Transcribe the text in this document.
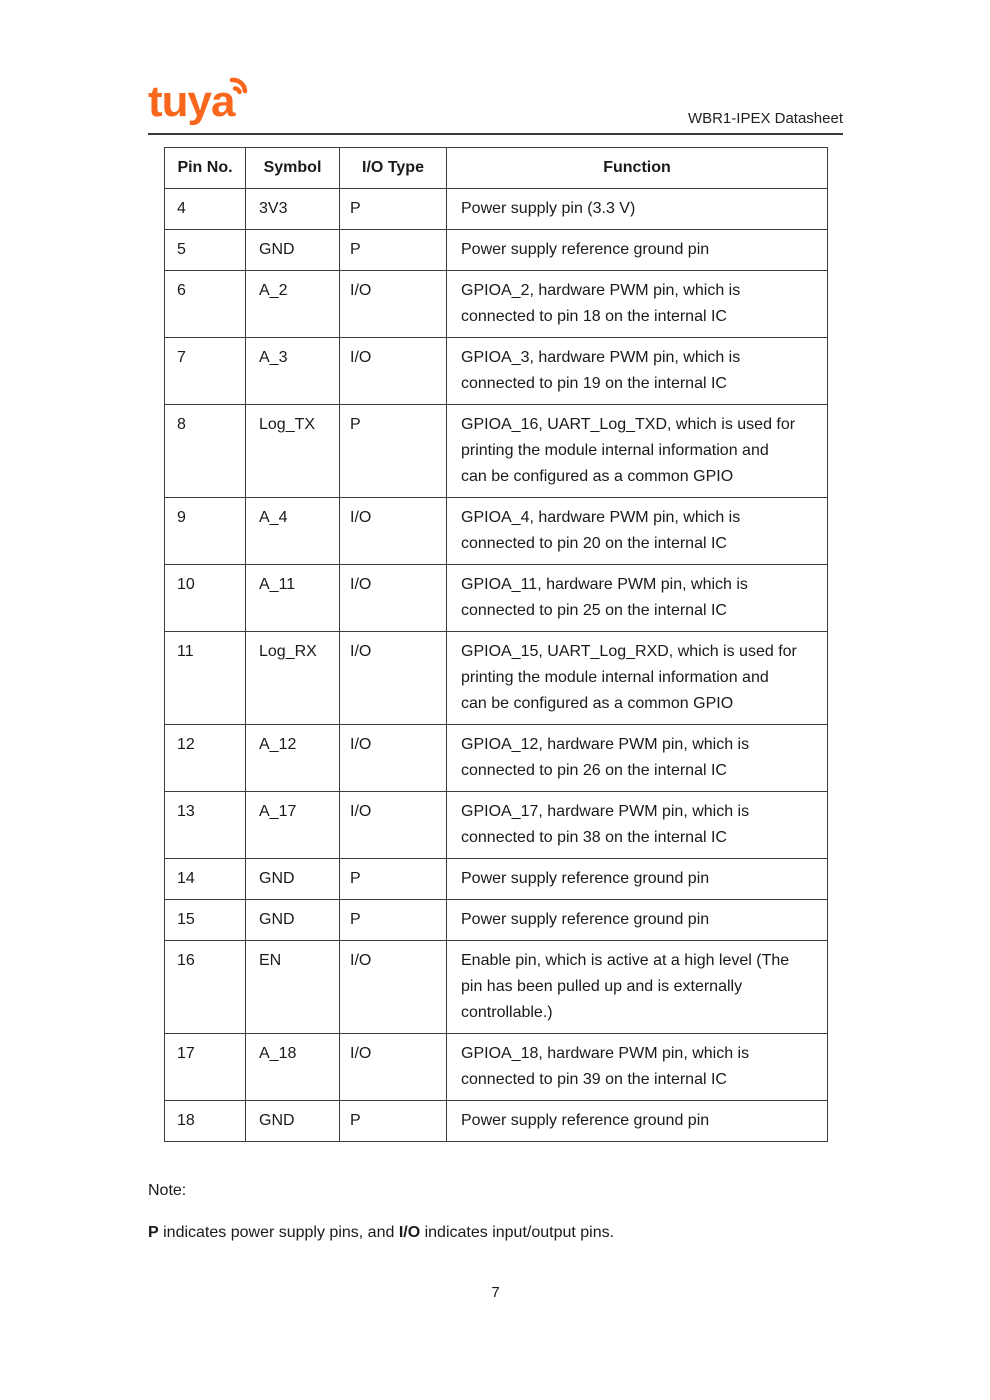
tuya	WBR1-IPEX Datasheet
Pin No.	Symbol	I/O Type	Function
4	3V3	P	Power supply pin (3.3 V)
5	GND	P	Power supply reference ground pin
6	A_2	I/O	GPIOA_2, hardware PWM pin, which is connected to pin 18 on the internal IC
7	A_3	I/O	GPIOA_3, hardware PWM pin, which is connected to pin 19 on the internal IC
8	Log_TX	P	GPIOA_16, UART_Log_TXD, which is used for printing the module internal information and can be configured as a common GPIO
9	A_4	I/O	GPIOA_4, hardware PWM pin, which is connected to pin 20 on the internal IC
10	A_11	I/O	GPIOA_11, hardware PWM pin, which is connected to pin 25 on the internal IC
11	Log_RX	I/O	GPIOA_15, UART_Log_RXD, which is used for printing the module internal information and can be configured as a common GPIO
12	A_12	I/O	GPIOA_12, hardware PWM pin, which is connected to pin 26 on the internal IC
13	A_17	I/O	GPIOA_17, hardware PWM pin, which is connected to pin 38 on the internal IC
14	GND	P	Power supply reference ground pin
15	GND	P	Power supply reference ground pin
16	EN	I/O	Enable pin, which is active at a high level (The pin has been pulled up and is externally controllable.)
17	A_18	I/O	GPIOA_18, hardware PWM pin, which is connected to pin 39 on the internal IC
18	GND	P	Power supply reference ground pin

Note:

P indicates power supply pins, and I/O indicates input/output pins.

7
